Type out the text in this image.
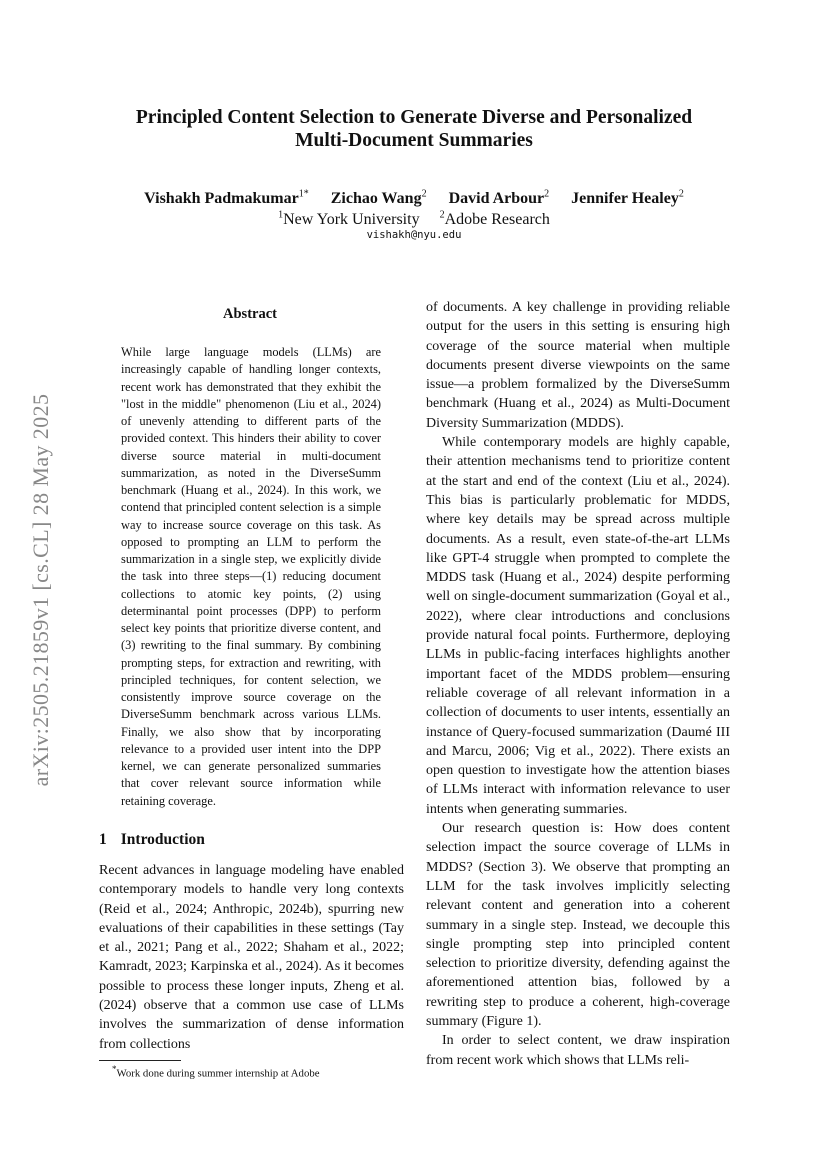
Principled Content Selection to Generate Diverse and Personalized
Multi-Document Summaries
Vishakh Padmakumar$^{1*}$ Zichao Wang$^2$ David Arbour$^2$ Jennifer Healey$^2$
$^1$New York University $^2$Adobe Research
vishakh@nyu.edu
arXiv:2505.21859v1 [cs.CL] 28 May 2025
Abstract
While large language models (LLMs) are increasingly capable of handling longer contexts, recent work has demonstrated that they exhibit the "lost in the middle" phenomenon (Liu et al., 2024) of unevenly attending to different parts of the provided context. This hinders their ability to cover diverse source material in multi-document summarization, as noted in the DiverseSumm benchmark (Huang et al., 2024). In this work, we contend that principled content selection is a simple way to increase source coverage on this task. As opposed to prompting an LLM to perform the summarization in a single step, we explicitly divide the task into three steps—(1) reducing document collections to atomic key points, (2) using determinantal point processes (DPP) to perform select key points that prioritize diverse content, and (3) rewriting to the final summary. By combining prompting steps, for extraction and rewriting, with principled techniques, for content selection, we consistently improve source coverage on the DiverseSumm benchmark across various LLMs. Finally, we also show that by incorporating relevance to a provided user intent into the DPP kernel, we can generate personalized summaries that cover relevant source information while retaining coverage.
1 Introduction
Recent advances in language modeling have enabled contemporary models to handle very long contexts (Reid et al., 2024; Anthropic, 2024b), spurring new evaluations of their capabilities in these settings (Tay et al., 2021; Pang et al., 2022; Shaham et al., 2022; Kamradt, 2023; Karpinska et al., 2024). As it becomes possible to process these longer inputs, Zheng et al. (2024) observe that a common use case of LLMs involves the summarization of dense information from collections

of documents. A key challenge in providing reliable output for the users in this setting is ensuring high coverage of the source material when multiple documents present diverse viewpoints on the same issue—a problem formalized by the DiverseSumm benchmark (Huang et al., 2024) as Multi-Document Diversity Summarization (MDDS).

While contemporary models are highly capable, their attention mechanisms tend to prioritize content at the start and end of the context (Liu et al., 2024). This bias is particularly problematic for MDDS, where key details may be spread across multiple documents. As a result, even state-of-the-art LLMs like GPT-4 struggle when prompted to complete the MDDS task (Huang et al., 2024) despite performing well on single-document summarization (Goyal et al., 2022), where clear introductions and conclusions provide natural focal points. Furthermore, deploying LLMs in public-facing interfaces highlights another important facet of the MDDS problem—ensuring reliable coverage of all relevant information in a collection of documents to user intents, essentially an instance of Query-focused summarization (Daumé III and Marcu, 2006; Vig et al., 2022). There exists an open question to investigate how the attention biases of LLMs interact with information relevance to user intents when generating summaries.

Our research question is: How does content selection impact the source coverage of LLMs in MDDS? (Section 3). We observe that prompting an LLM for the task involves implicitly selecting relevant content and generation into a coherent summary in a single step. Instead, we decouple this single prompting step into principled content selection to prioritize diversity, defending against the aforementioned attention bias, followed by a rewriting step to produce a coherent, high-coverage summary (Figure 1).

In order to select content, we draw inspiration from recent work which shows that LLMs reli-

*Work done during summer internship at Adobe
